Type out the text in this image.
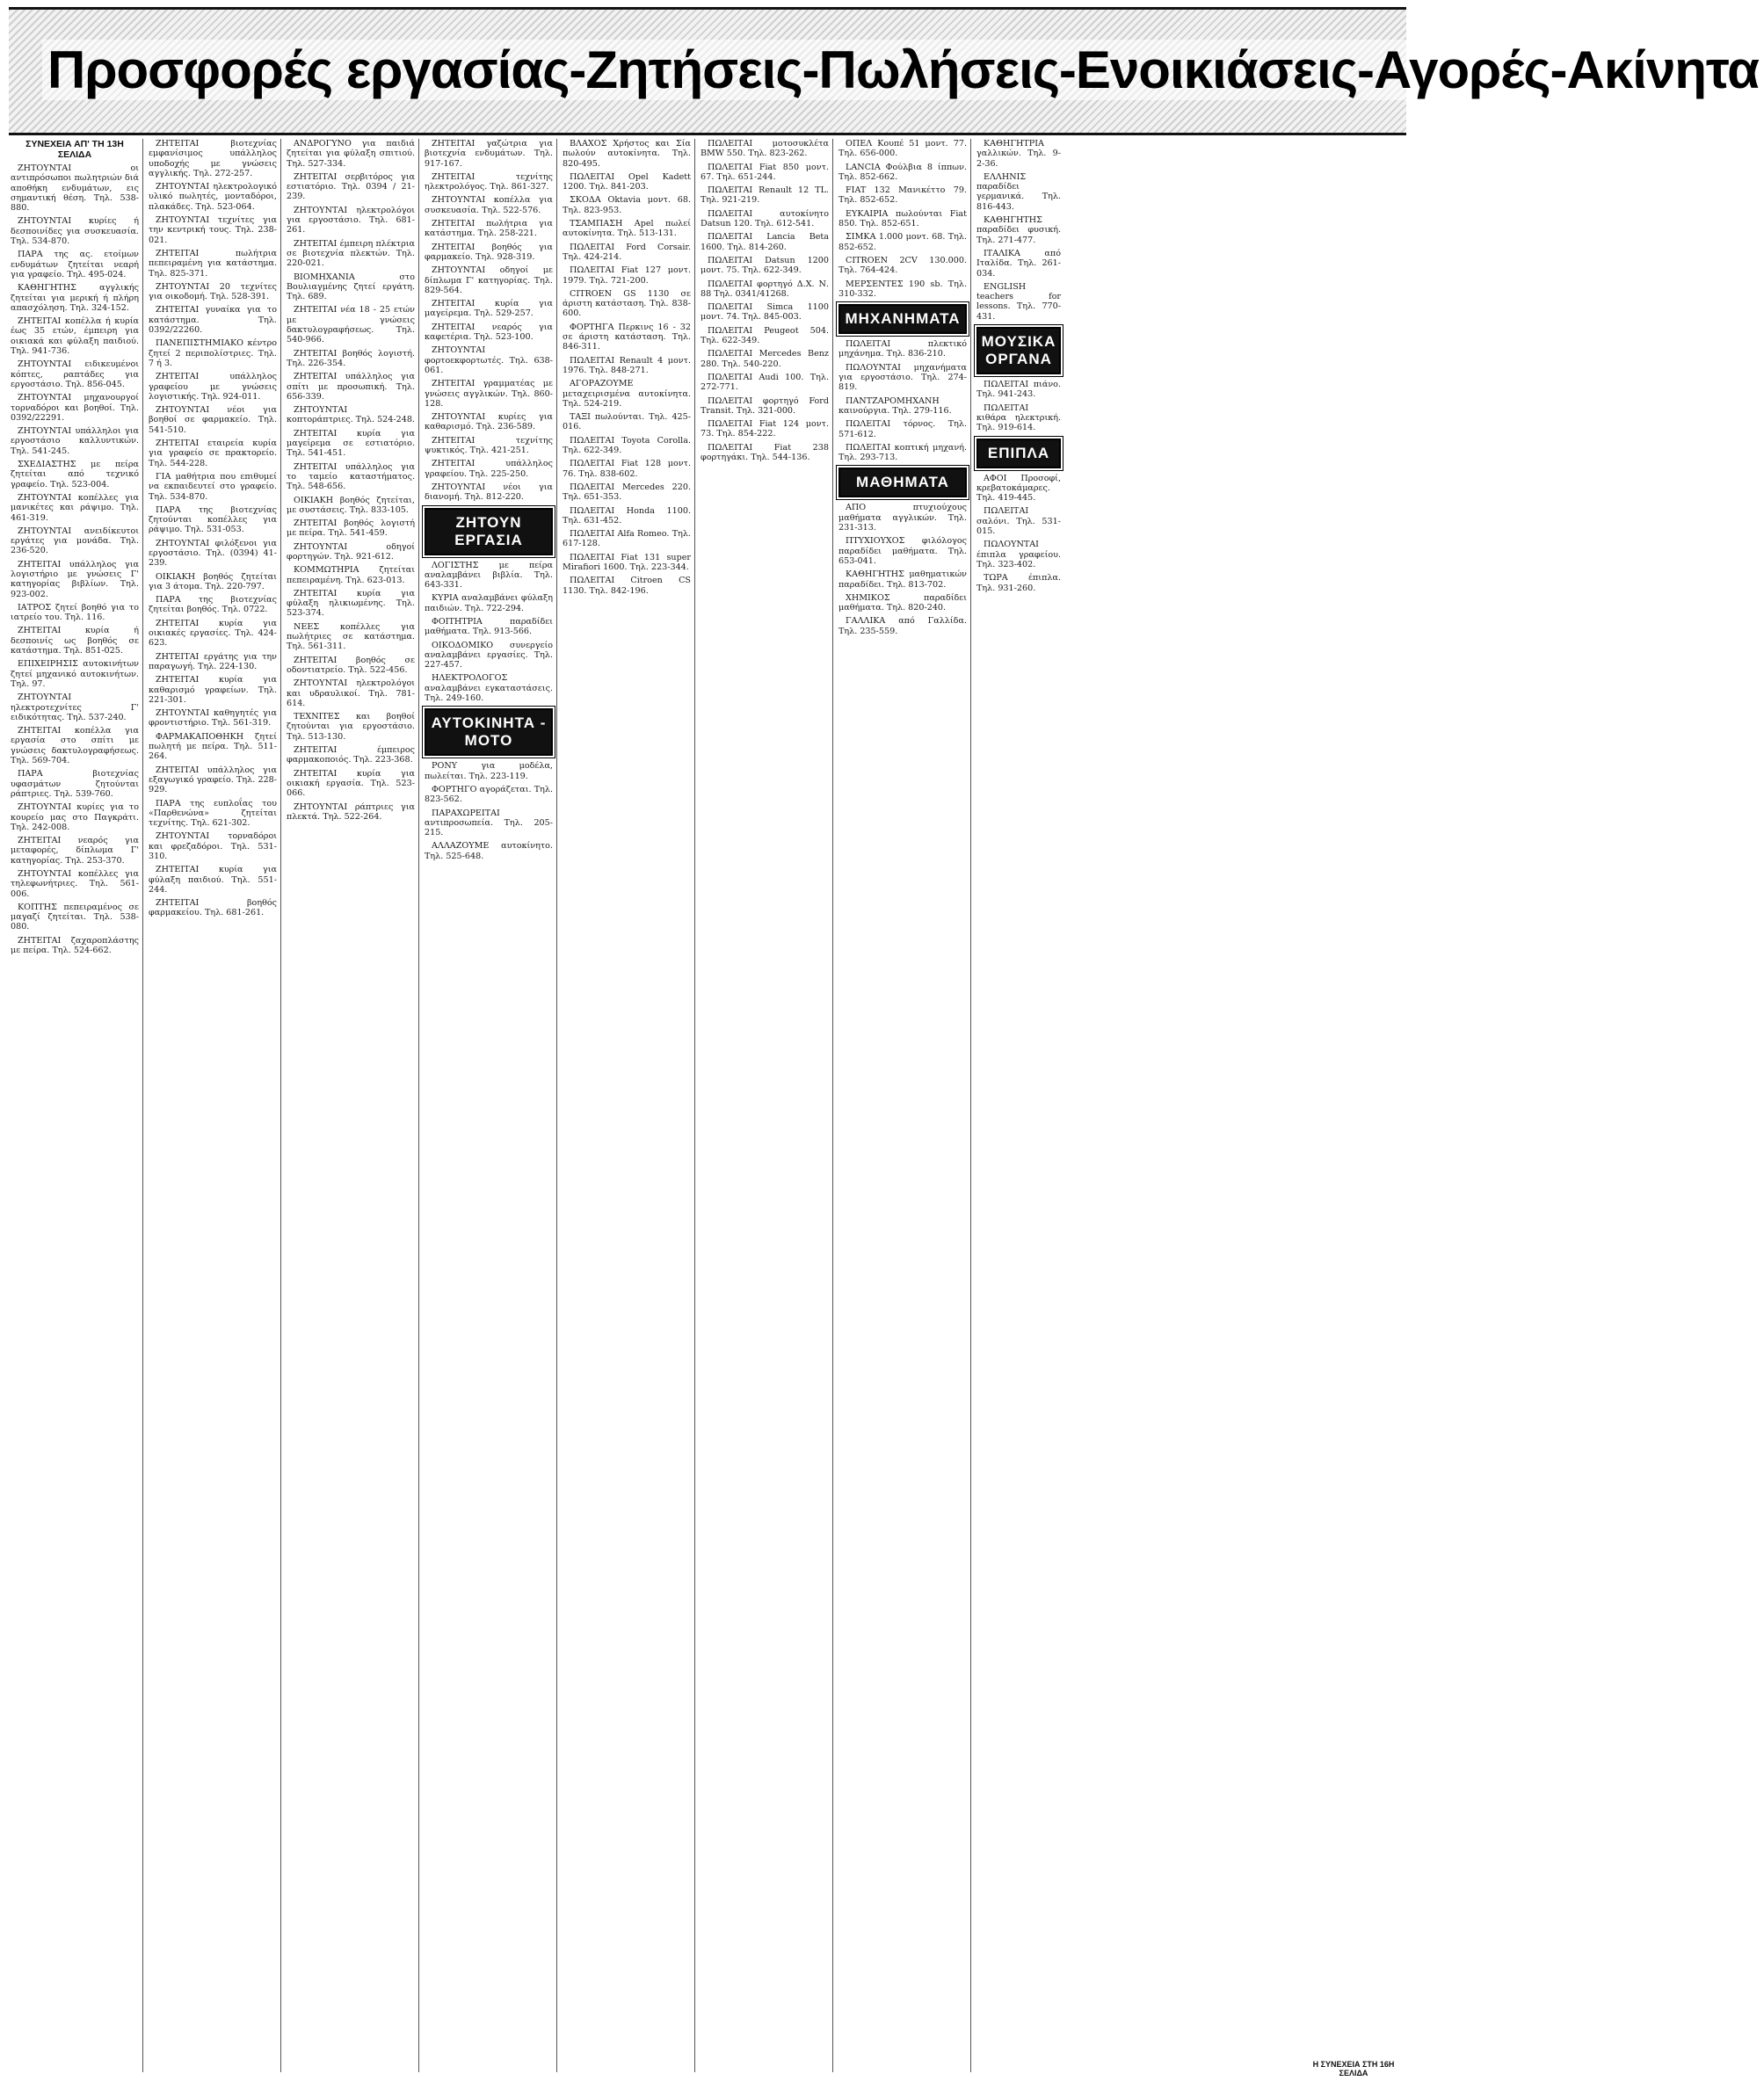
Προσφορές εργασίας-Ζητήσεις-Πωλήσεις-Ενοικιάσεις-Αγορές-Ακίνητα
ΣΥΝΕΧΕΙΑ ΑΠ' ΤΗ 13Η ΣΕΛΙΔΑ

ΖΗΤΟΥΝΤΑΙ οι αντιπρόσωποι πωλητριών διά αποθήκη ενδυμάτων, εις σημαντική θέση. Τηλ. 538-880.

ΖΗΤΟΥΝΤΑΙ κυρίες ή δεσποινίδες για συσκευασία. Τηλ. 534-870.

ΠΑΡΑ της ας. ετοίμων ενδυμάτων ζητείται νεαρή για γραφείο. Τηλ. 495-024.

ΚΑΘΗΓΗΤΗΣ αγγλικής ζητείται για μερική ή πλήρη απασχόληση. Τηλ. 324-152.

ΖΗΤΕΙΤΑΙ κοπέλλα ή κυρία έως 35 ετών, έμπειρη για οικιακά και φύλαξη παιδιού. Τηλ. 941-736.

ΖΗΤΟΥΝΤΑΙ ειδικευμένοι κόπτες, ραπτάδες για εργοστάσιο. Τηλ. 856-045.

ΖΗΤΟΥΝΤΑΙ μηχανουργοί τορναδόροι και βοηθοί. Τηλ. 0392/22291.

ΖΗΤΟΥΝΤΑΙ υπάλληλοι για εργοστάσιο καλλυντικών. Τηλ. 541-245.

ΣΧΕΔΙΑΣΤΗΣ με πείρα ζητείται από τεχνικό γραφείο. Τηλ. 523-004.

ΖΗΤΟΥΝΤΑΙ κοπέλλες για μανικέτες και ράψιμο. Τηλ. 461-319.

ΖΗΤΟΥΝΤΑΙ ανειδίκευτοι εργάτες για μονάδα. Τηλ. 236-520.

ΖΗΤΕΙΤΑΙ υπάλληλος για λογιστήριο με γνώσεις Γ' κατηγορίας βιβλίων. Τηλ. 923-002.

ΙΑΤΡΟΣ ζητεί βοηθό για το ιατρείο του. Τηλ. 116.

ΖΗΤΕΙΤΑΙ κυρία ή δεσποινίς ως βοηθός σε κατάστημα. Τηλ. 851-025.

ΕΠΙΧΕΙΡΗΣΙΣ αυτοκινήτων ζητεί μηχανικό αυτοκινήτων. Τηλ. 97.

ΖΗΤΟΥΝΤΑΙ ηλεκτροτεχνίτες Γ' ειδικότητας. Τηλ. 537-240.

ΖΗΤΕΙΤΑΙ κοπέλλα για εργασία στο σπίτι με γνώσεις δακτυλογραφήσεως. Τηλ. 569-704.

ΠΑΡΑ βιοτεχνίας υφασμάτων ζητούνται ράπτριες. Τηλ. 539-760.

ΖΗΤΟΥΝΤΑΙ κυρίες για το κουρείο μας στο Παγκράτι. Τηλ. 242-008.

ΖΗΤΕΙΤΑΙ νεαρός για μεταφορές, δίπλωμα Γ' κατηγορίας. Τηλ. 253-370.

ΖΗΤΟΥΝΤΑΙ κοπέλλες για τηλεφωνήτριες. Τηλ. 561-006.

ΚΟΠΤΗΣ πεπειραμένος σε μαγαζί ζητείται. Τηλ. 538-080.

ΖΗΤΕΙΤΑΙ ζαχαροπλάστης με πείρα. Τηλ. 524-662.

ΖΗΤΕΙΤΑΙ βιοτεχνίας εμφανίσιμος υπάλληλος υποδοχής με γνώσεις αγγλικής. Τηλ. 272-257.

ΖΗΤΟΥΝΤΑΙ ηλεκτρολογικό υλικό πωλητές, μονταδόροι, πλακάδες. Τηλ. 523-064.

ΖΗΤΟΥΝΤΑΙ τεχνίτες για την κεντρική τους. Τηλ. 238-021.

ΖΗΤΕΙΤΑΙ πωλήτρια πεπειραμένη για κατάστημα. Τηλ. 825-371.

ΖΗΤΟΥΝΤΑΙ 20 τεχνίτες για οικοδομή. Τηλ. 528-391.

ΖΗΤΕΙΤΑΙ γυναίκα για το κατάστημα. Τηλ. 0392/22260.

ΠΑΝΕΠΙΣΤΗΜΙΑΚΟ κέντρο ζητεί 2 περιπολίστριες. Τηλ. 7 ή 3.

ΖΗΤΕΙΤΑΙ υπάλληλος γραφείου με γνώσεις λογιστικής. Τηλ. 924-011.

ΖΗΤΟΥΝΤΑΙ νέοι για βοηθοί σε φαρμακείο. Τηλ. 541-510.

ΖΗΤΕΙΤΑΙ εταιρεία κυρία για γραφείο σε πρακτορείο. Τηλ. 544-228.

ΓΙΑ μαθήτρια που επιθυμεί να εκπαιδευτεί στο γραφείο. Τηλ. 534-870.

ΠΑΡΑ της βιοτεχνίας ζητούνται κοπέλλες για ράψιμο. Τηλ. 531-053.

ΖΗΤΟΥΝΤΑΙ φιλόξενοι για εργοστάσιο. Τηλ. (0394) 41-239.

ΟΙΚΙΑΚΗ βοηθός ζητείται για 3 άτομα. Τηλ. 220-797.

ΠΑΡΑ της βιοτεχνίας ζητείται βοηθός. Τηλ. 0722.

ΖΗΤΕΙΤΑΙ κυρία για οικιακές εργασίες. Τηλ. 424-623.

ΖΗΤΕΙΤΑΙ εργάτης για την παραγωγή. Τηλ. 224-130.

ΖΗΤΕΙΤΑΙ κυρία για καθαρισμό γραφείων. Τηλ. 221-301.

ΖΗΤΟΥΝΤΑΙ καθηγητές για φροντιστήριο. Τηλ. 561-319.

ΦΑΡΜΑΚΑΠΟΘΗΚΗ ζητεί πωλητή με πείρα. Τηλ. 511-264.

ΖΗΤΕΙΤΑΙ υπάλληλος για εξαγωγικό γραφείο. Τηλ. 228-929.

ΠΑΡΑ της ευπλοΐας του «Παρθενώνα» ζητείται τεχνίτης. Τηλ. 621-302.

ΖΗΤΟΥΝΤΑΙ τορναδόροι και φρεζαδόροι. Τηλ. 531-310.

ΖΗΤΕΙΤΑΙ κυρία για φύλαξη παιδιού. Τηλ. 551-244.

ΖΗΤΕΙΤΑΙ βοηθός φαρμακείου. Τηλ. 681-261.

ΑΝΔΡΟΓΥΝΟ για παιδιά ζητείται για φύλαξη σπιτιού. Τηλ. 527-334.

ΖΗΤΕΙΤΑΙ σερβιτόρος για εστιατόριο. Τηλ. 0394 / 21-239.

ΖΗΤΟΥΝΤΑΙ ηλεκτρολόγοι για εργοστάσιο. Τηλ. 681-261.

ΖΗΤΕΙΤΑΙ έμπειρη πλέκτρια σε βιοτεχνία πλεκτών. Τηλ. 220-021.

ΒΙΟΜΗΧΑΝΙΑ στο Βουλιαγμένης ζητεί εργάτη. Τηλ. 689.

ΖΗΤΕΙΤΑΙ νέα 18 - 25 ετών με γνώσεις δακτυλογραφήσεως. Τηλ. 540-966.

ΖΗΤΕΙΤΑΙ βοηθός λογιστή. Τηλ. 226-354.

ΖΗΤΕΙΤΑΙ υπάλληλος για σπίτι με προσωπική. Τηλ. 656-339.

ΖΗΤΟΥΝΤΑΙ κοπτοράπτριες. Τηλ. 524-248.

ΖΗΤΕΙΤΑΙ κυρία για μαγείρεμα σε εστιατόριο. Τηλ. 541-451.

ΖΗΤΕΙΤΑΙ υπάλληλος για το ταμείο καταστήματος. Τηλ. 548-656.

ΟΙΚΙΑΚΗ βοηθός ζητείται, με συστάσεις. Τηλ. 833-105.

ΖΗΤΕΙΤΑΙ βοηθός λογιστή με πείρα. Τηλ. 541-459.

ΖΗΤΟΥΝΤΑΙ οδηγοί φορτηγών. Τηλ. 921-612.

ΚΟΜΜΩΤΗΡΙΑ ζητείται πεπειραμένη. Τηλ. 623-013.

ΖΗΤΕΙΤΑΙ κυρία για φύλαξη ηλικιωμένης. Τηλ. 523-374.

ΝΕΕΣ κοπέλλες για πωλήτριες σε κατάστημα. Τηλ. 561-311.

ΖΗΤΕΙΤΑΙ βοηθός σε οδοντιατρείο. Τηλ. 522-456.

ΖΗΤΟΥΝΤΑΙ ηλεκτρολόγοι και υδραυλικοί. Τηλ. 781-614.

ΤΕΧΝΙΤΕΣ και βοηθοί ζητούνται για εργοστάσιο. Τηλ. 513-130.

ΖΗΤΕΙΤΑΙ έμπειρος φαρμακοποιός. Τηλ. 223-368.

ΖΗΤΕΙΤΑΙ κυρία για οικιακή εργασία. Τηλ. 523-066.

ΖΗΤΟΥΝΤΑΙ ράπτριες για πλεκτά. Τηλ. 522-264.

ΖΗΤΕΙΤΑΙ γαζώτρια για βιοτεχνία ενδυμάτων. Τηλ. 917-167.

ΖΗΤΕΙΤΑΙ τεχνίτης ηλεκτρολόγος. Τηλ. 861-327.

ΖΗΤΟΥΝΤΑΙ κοπέλλα για συσκευασία. Τηλ. 522-576.

ΖΗΤΕΙΤΑΙ πωλήτρια για κατάστημα. Τηλ. 258-221.

ΖΗΤΕΙΤΑΙ βοηθός για φαρμακείο. Τηλ. 928-319.

ΖΗΤΟΥΝΤΑΙ οδηγοί με δίπλωμα Γ' κατηγορίας. Τηλ. 829-564.

ΖΗΤΕΙΤΑΙ κυρία για μαγείρεμα. Τηλ. 529-257.

ΖΗΤΕΙΤΑΙ νεαρός για καφετέρια. Τηλ. 523-100.

ΖΗΤΟΥΝΤΑΙ φορτοεκφορτωτές. Τηλ. 638-061.

ΖΗΤΕΙΤΑΙ γραμματέας με γνώσεις αγγλικών. Τηλ. 860-128.

ΖΗΤΟΥΝΤΑΙ κυρίες για καθαρισμό. Τηλ. 236-589.

ΖΗΤΕΙΤΑΙ τεχνίτης ψυκτικός. Τηλ. 421-251.

ΖΗΤΕΙΤΑΙ υπάλληλος γραφείου. Τηλ. 225-250.

ΖΗΤΟΥΝΤΑΙ νέοι για διανομή. Τηλ. 812-220.

ΖΗΤΟΥΝ ΕΡΓΑΣΙΑ

ΛΟΓΙΣΤΗΣ με πείρα αναλαμβάνει βιβλία. Τηλ. 643-331.

ΚΥΡΙΑ αναλαμβάνει φύλαξη παιδιών. Τηλ. 722-294.

ΦΟΙΤΗΤΡΙΑ παραδίδει μαθήματα. Τηλ. 913-566.

ΟΙΚΟΔΟΜΙΚΟ συνεργείο αναλαμβάνει εργασίες. Τηλ. 227-457.

ΗΛΕΚΤΡΟΛΟΓΟΣ αναλαμβάνει εγκαταστάσεις. Τηλ. 249-160.

ΑΥΤΟΚΙΝΗΤΑ - ΜΟΤΟ

PONY για μοδέλα, πωλείται. Τηλ. 223-119.

ΦΟΡΤΗΓΟ αγοράζεται. Τηλ. 823-562.

ΠΑΡΑΧΩΡΕΙΤΑΙ αντιπροσωπεία. Τηλ. 205-215.

ΑΛΛΑΖΟΥΜΕ αυτοκίνητο. Τηλ. 525-648.

ΒΛΑΧΟΣ Χρήστος και Σία πωλούν αυτοκίνητα. Τηλ. 820-495.

ΠΩΛΕΙΤΑΙ Opel Kadett 1200. Τηλ. 841-203.

ΣΚΟΔΑ Oktavia μοντ. 68. Τηλ. 823-953.

ΤΣΑΜΠΑΣΗ Apel πωλεί αυτοκίνητα. Τηλ. 513-131.

ΠΩΛΕΙΤΑΙ Ford Corsair. Τηλ. 424-214.

ΠΩΛΕΙΤΑΙ Fiat 127 μοντ. 1979. Τηλ. 721-200.

CITROEN GS 1130 σε άριστη κατάσταση. Τηλ. 838-600.

ΦΟΡΤΗΓΑ Περκινς 16 - 32 σε άριστη κατάσταση. Τηλ. 846-311.

ΠΩΛΕΙΤΑΙ Renault 4 μοντ. 1976. Τηλ. 848-271.

ΑΓΟΡΑΖΟΥΜΕ μεταχειρισμένα αυτοκίνητα. Τηλ. 524-219.

ΤΑΞΙ πωλούνται. Τηλ. 425-016.

ΠΩΛΕΙΤΑΙ Toyota Corolla. Τηλ. 622-349.

ΠΩΛΕΙΤΑΙ Fiat 128 μοντ. 76. Τηλ. 838-602.

ΠΩΛΕΙΤΑΙ Mercedes 220. Τηλ. 651-353.

ΠΩΛΕΙΤΑΙ Honda 1100. Τηλ. 631-452.

ΠΩΛΕΙΤΑΙ Alfa Romeo. Τηλ. 617-128.

ΠΩΛΕΙΤΑΙ Fiat 131 super Mirafiori 1600. Τηλ. 223-344.

ΠΩΛΕΙΤΑΙ Citroen CS 1130. Τηλ. 842-196.

ΠΩΛΕΙΤΑΙ μοτοσυκλέτα BMW 550. Τηλ. 823-262.

ΠΩΛΕΙΤΑΙ Fiat 850 μοντ. 67. Τηλ. 651-244.

ΠΩΛΕΙΤΑΙ Renault 12 TL. Τηλ. 921-219.

ΠΩΛΕΙΤΑΙ αυτοκίνητο Datsun 120. Τηλ. 612-541.

ΠΩΛΕΙΤΑΙ Lancia Beta 1600. Τηλ. 814-260.

ΠΩΛΕΙΤΑΙ Datsun 1200 μοντ. 75. Τηλ. 622-349.

ΠΩΛΕΙΤΑΙ φορτηγό Δ.Χ. Ν. 88 Τηλ. 0341/41268.

ΠΩΛΕΙΤΑΙ Simca 1100 μοντ. 74. Τηλ. 845-003.

ΠΩΛΕΙΤΑΙ Peugeot 504. Τηλ. 622-349.

ΠΩΛΕΙΤΑΙ Mercedes Benz 280. Τηλ. 540-220.

ΠΩΛΕΙΤΑΙ Audi 100. Τηλ. 272-771.

ΠΩΛΕΙΤΑΙ φορτηγό Ford Transit. Τηλ. 321-000.

ΠΩΛΕΙΤΑΙ Fiat 124 μοντ. 73. Τηλ. 854-222.

ΠΩΛΕΙΤΑΙ Fiat 238 φορτηγάκι. Τηλ. 544-136.

ΟΠΕΛ Κουπέ 51 μοντ. 77. Τηλ. 656-000.

LANCIA Φούλβια 8 ίππων. Τηλ. 852-662.

FIAT 132 Μανικέττο 79. Τηλ. 852-652.

ΕΥΚΑΙΡΙΑ πωλούνται Fiat 850. Τηλ. 852-651.

ΣΙΜΚΑ 1.000 μοντ. 68. Τηλ. 852-652.

CITROEN 2CV 130.000. Τηλ. 764-424.

ΜΕΡΣΕΝΤΕΣ 190 sb. Τηλ. 310-332.

ΜΗΧΑΝΗΜΑΤΑ

ΠΩΛΕΙΤΑΙ πλεκτικό μηχάνημα. Τηλ. 836-210.

ΠΩΛΟΥΝΤΑΙ μηχανήματα για εργοστάσιο. Τηλ. 274-819.

ΠΑΝΤΖΑΡΟΜΗΧΑΝΗ καινούργια. Τηλ. 279-116.

ΠΩΛΕΙΤΑΙ τόρνος. Τηλ. 571-612.

ΠΩΛΕΙΤΑΙ κοπτική μηχανή. Τηλ. 293-713.

ΜΑΘΗΜΑΤΑ

ΑΠΟ πτυχιούχους μαθήματα αγγλικών. Τηλ. 231-313.

ΠΤΥΧΙΟΥΧΟΣ φιλόλογος παραδίδει μαθήματα. Τηλ. 653-041.

ΚΑΘΗΓΗΤΗΣ μαθηματικών παραδίδει. Τηλ. 813-702.

ΧΗΜΙΚΟΣ παραδίδει μαθήματα. Τηλ. 820-240.

ΓΑΛΛΙΚΑ από Γαλλίδα. Τηλ. 235-559.

ΚΑΘΗΓΗΤΡΙΑ γαλλικών. Τηλ. 9-2-36.

ΕΛΛΗΝΙΣ παραδίδει γερμανικά. Τηλ. 816-443.

ΚΑΘΗΓΗΤΗΣ παραδίδει φυσική. Τηλ. 271-477.

ΙΤΑΛΙΚΑ από Ιταλίδα. Τηλ. 261-034.

ENGLISH teachers for lessons. Τηλ. 770-431.

ΜΟΥΣΙΚΑ ΟΡΓΑΝΑ

ΠΩΛΕΙΤΑΙ πιάνο. Τηλ. 941-243.

ΠΩΛΕΙΤΑΙ κιθάρα ηλεκτρική. Τηλ. 919-614.

ΕΠΙΠΛΑ

ΑΦΟΙ Προσοφί, κρεβατοκάμαρες. Τηλ. 419-445.

ΠΩΛΕΙΤΑΙ σαλόνι. Τηλ. 531-015.

ΠΩΛΟΥΝΤΑΙ έπιπλα γραφείου. Τηλ. 323-402.

ΤΩΡΑ έπιπλα. Τηλ. 931-260.

Η ΣΥΝΕΧΕΙΑ ΣΤΗ 16Η ΣΕΛΙΔΑ
